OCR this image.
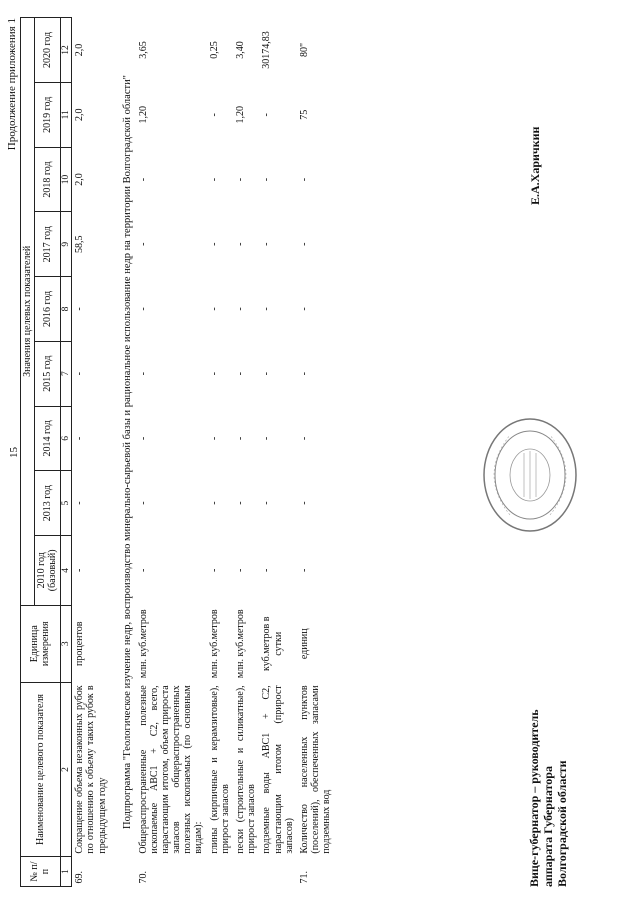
15
Продолжение приложения 1
№ п/п	Наименование целевого показателя	Единица измерения	Значения целевых показателей								
			2010 год (базовый)	2013 год	2014 год	2015 год	2016 год	2017 год	2018 год	2019 год	2020 год
1	2	3	4	5	6	7	8	9	10	11	12
69.	Сокращение объема незаконных рубок по отношению к объему таких рубок в предыдущем году	процентов	-	-	-	-	-	58,5	2,0	2,0	2,0

Подпрограмма "Геологическое изучение недр, воспроизводство минерально-сырьевой базы и рациональное использование недр на территории Волгоградской области"											
70.	Общераспространенные полезные ископаемые АВС1 + С2, всего, нарастающим итогом, объем прироста запасов общераспространенных полезных ископаемых (по основным видам):	млн. куб.метров	-	-	-	-	-	-	-	1,20	3,65
	глины (кирпичные и керамзитовые), прирост запасов	млн. куб.метров	-	-	-	-	-	-	-	-	0,25
	пески (строительные и силикатные), прирост запасов	млн. куб.метров	-	-	-	-	-	-	-	1,20	3,40
	подземные воды АВС1 + С2, нарастающим итогом (прирост запасов)	куб.метров в сутки	-	-	-	-	-	-	-	-	30174,83
71.	Количество населенных пунктов (поселений), обеспеченных запасами подземных вод	единиц	-	-	-	-	-	-	-	75	80"
Вице-губернатор – руководитель аппарата Губернатора Волгоградской области
Е.А.Харичкин
